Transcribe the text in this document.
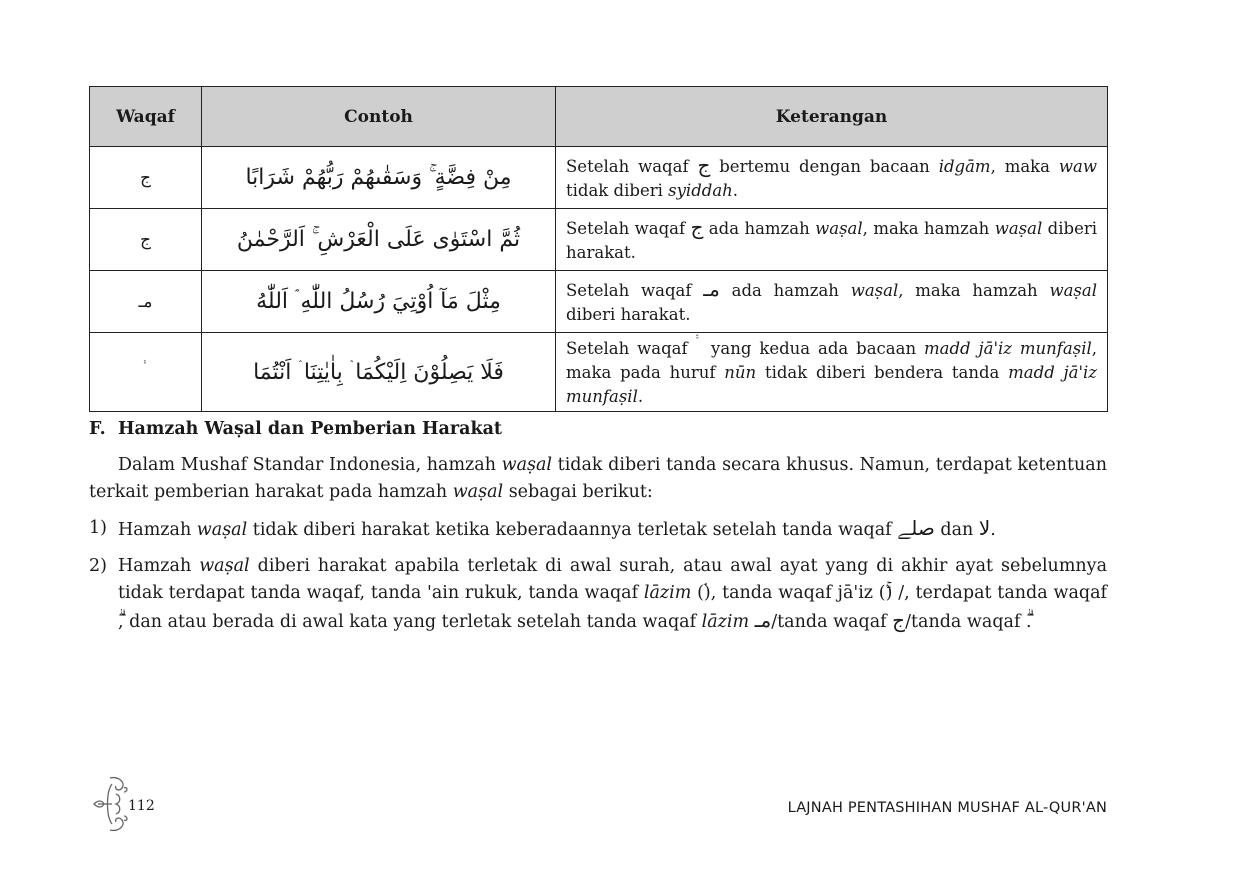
Waqaf	Contoh	Keterangan
ج	مِنْ فِضَّةٍ ۚ وَسَقٰىهُمْ رَبُّهُمْ شَرَابًا	Setelah waqaf ج bertemu dengan bacaan idgām, maka waw tidak diberi syiddah.
ج	ثُمَّ اسْتَوٰى عَلَى الْعَرْشِ ۚ اَلرَّحْمٰنُ	Setelah waqaf ج ada hamzah waṣal, maka hamzah waṣal diberi harakat.
مـ	مِثْلَ مَآ اُوْتِيَ رُسُلُ اللّٰهِ ۘ اَللّٰهُ	Setelah waqaf مـ ada hamzah waṣal, maka hamzah waṣal diberi harakat.
ۛ ۛ	فَلَا يَصِلُوْنَ اِلَيْكُمَا ۛ بِاٰيٰتِنَا ۛ اَنْتُمَا	Setelah waqaf ۛ ۛ yang kedua ada bacaan madd jā'iz munfaṣil, maka pada huruf nūn tidak diberi bendera tanda madd jā'iz munfaṣil.
F. Hamzah Waṣal dan Pemberian Harakat

Dalam Mushaf Standar Indonesia, hamzah waṣal tidak diberi tanda secara khusus. Namun, terdapat ketentuan terkait pemberian harakat pada hamzah waṣal sebagai berikut:

1) Hamzah waṣal tidak diberi harakat ketika keberadaannya terletak setelah tanda waqaf ﺻﻠﮯ dan ﻻ.
2) Hamzah waṣal diberi harakat apabila terletak di awal surah, atau awal ayat yang di akhir ayat sebelumnya tidak terdapat tanda waqaf, tanda 'ain rukuk, tanda waqaf lāzim (ۘ), tanda waqaf jā'iz (ۚ) /, terdapat tanda waqaf , dan atau berada di awal kata yang terletak setelah tanda waqaf lāzim مـ/tanda waqaf ج/tanda waqaf .
112	LAJNAH PENTASHIHAN MUSHAF AL-QUR'AN
